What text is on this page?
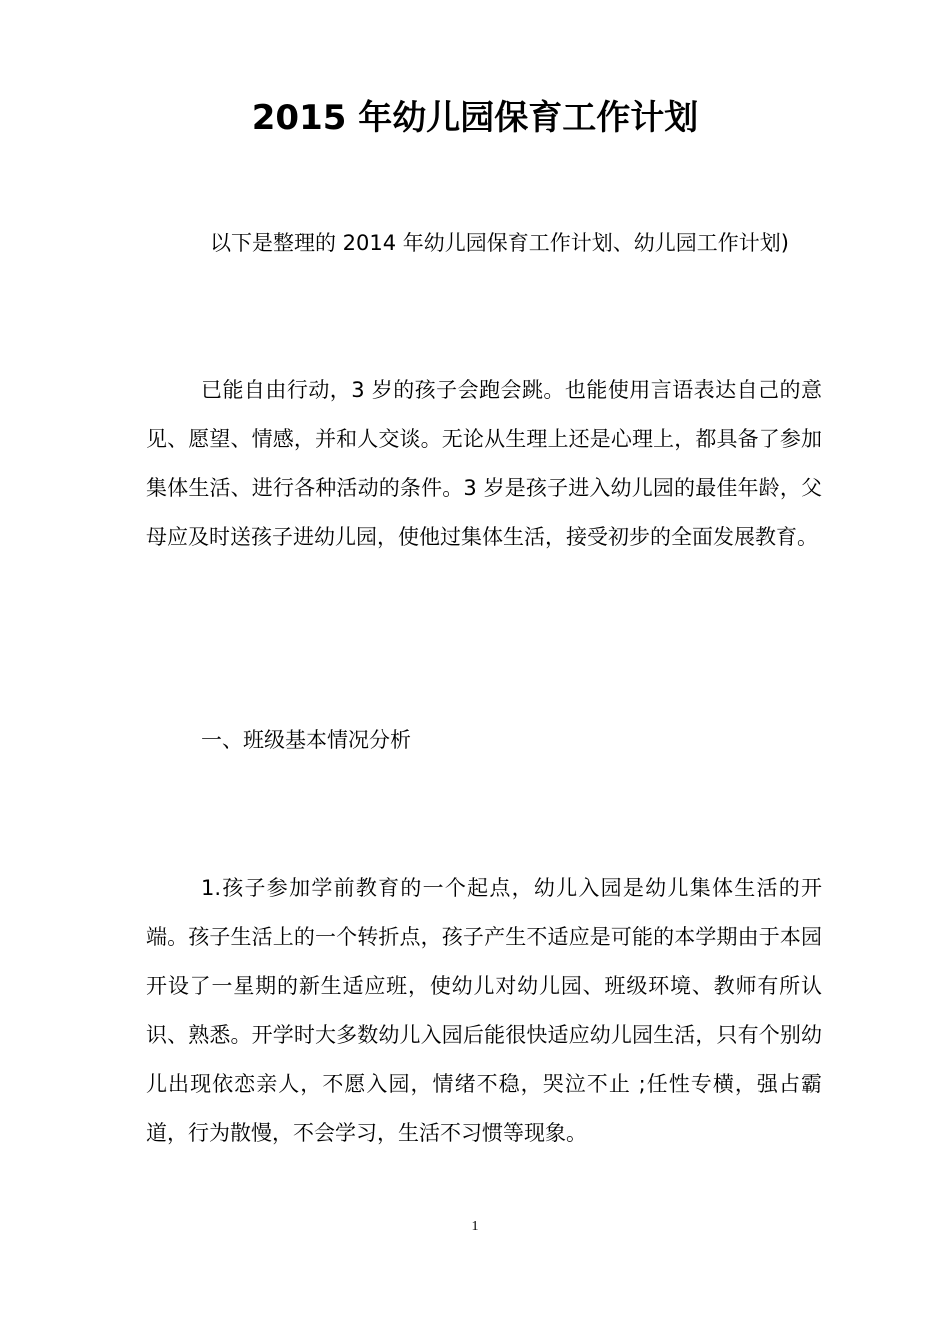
2015 年幼儿园保育工作计划
以下是整理的 2014 年幼儿园保育工作计划、幼儿园工作计划)

已能自由行动，3 岁的孩子会跑会跳。也能使用言语表达自己的意见、愿望、情感，并和人交谈。无论从生理上还是心理上，都具备了参加集体生活、进行各种活动的条件。3 岁是孩子进入幼儿园的最佳年龄，父母应及时送孩子进幼儿园，使他过集体生活，接受初步的全面发展教育。

一、班级基本情况分析

1.孩子参加学前教育的一个起点，幼儿入园是幼儿集体生活的开端。孩子生活上的一个转折点，孩子产生不适应是可能的本学期由于本园开设了一星期的新生适应班，使幼儿对幼儿园、班级环境、教师有所认识、熟悉。开学时大多数幼儿入园后能很快适应幼儿园生活，只有个别幼儿出现依恋亲人，不愿入园，情绪不稳，哭泣不止 ;任性专横，强占霸道，行为散慢，不会学习，生活不习惯等现象。

1
